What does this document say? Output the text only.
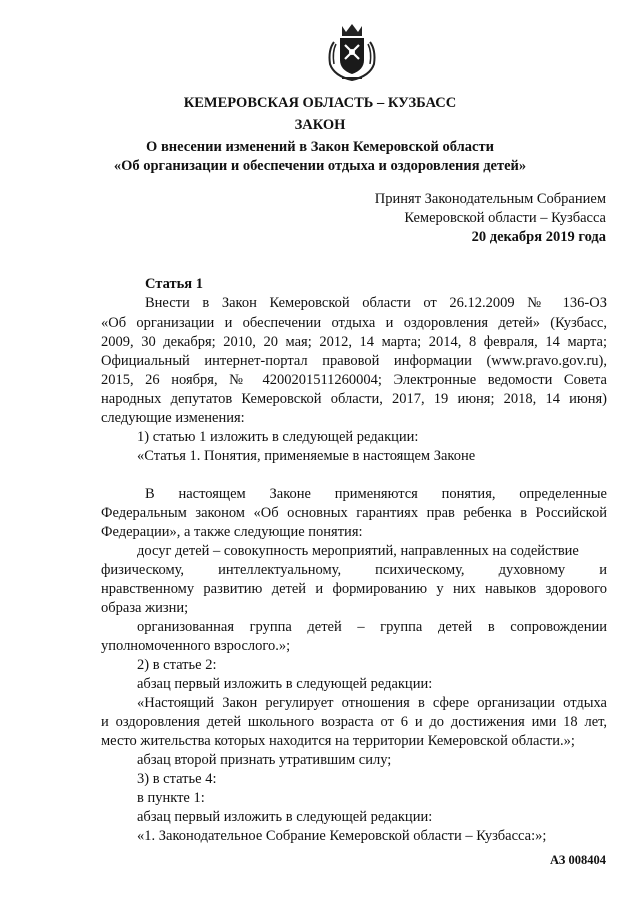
КЕМЕРОВСКАЯ ОБЛАСТЬ – КУЗБАСС
ЗАКОН
О внесении изменений в Закон Кемеровской области
«Об организации и обеспечении отдыха и оздоровления детей»
Принят Законодательным Собранием
Кемеровской области – Кузбасса
20 декабря 2019 года
Статья 1
Внести в Закон Кемеровской области от 26.12.2009 № 136-ОЗ
«Об организации и обеспечении отдыха и оздоровления детей» (Кузбасс,
2009, 30 декабря; 2010, 20 мая; 2012, 14 марта; 2014, 8 февраля, 14 марта;
Официальный интернет-портал правовой информации (www.pravo.gov.ru),
2015, 26 ноября, № 4200201511260004; Электронные ведомости Совета
народных депутатов Кемеровской области, 2017, 19 июня; 2018, 14 июня)
следующие изменения:
1) статью 1 изложить в следующей редакции:
«Статья 1. Понятия, применяемые в настоящем Законе
В настоящем Законе применяются понятия, определенные
Федеральным законом «Об основных гарантиях прав ребенка в Российской
Федерации», а также следующие понятия:
досуг детей – совокупность мероприятий, направленных на содействие
физическому, интеллектуальному, психическому, духовному и
нравственному развитию детей и формированию у них навыков здорового
образа жизни;
организованная группа детей – группа детей в сопровождении
уполномоченного взрослого.»;
2) в статье 2:
абзац первый изложить в следующей редакции:
«Настоящий Закон регулирует отношения в сфере организации отдыха
и оздоровления детей школьного возраста от 6 и до достижения ими 18 лет,
место жительства которых находится на территории Кемеровской области.»;
абзац второй признать утратившим силу;
3) в статье 4:
в пункте 1:
абзац первый изложить в следующей редакции:
«1. Законодательное Собрание Кемеровской области – Кузбасса:»;
АЗ 008404
